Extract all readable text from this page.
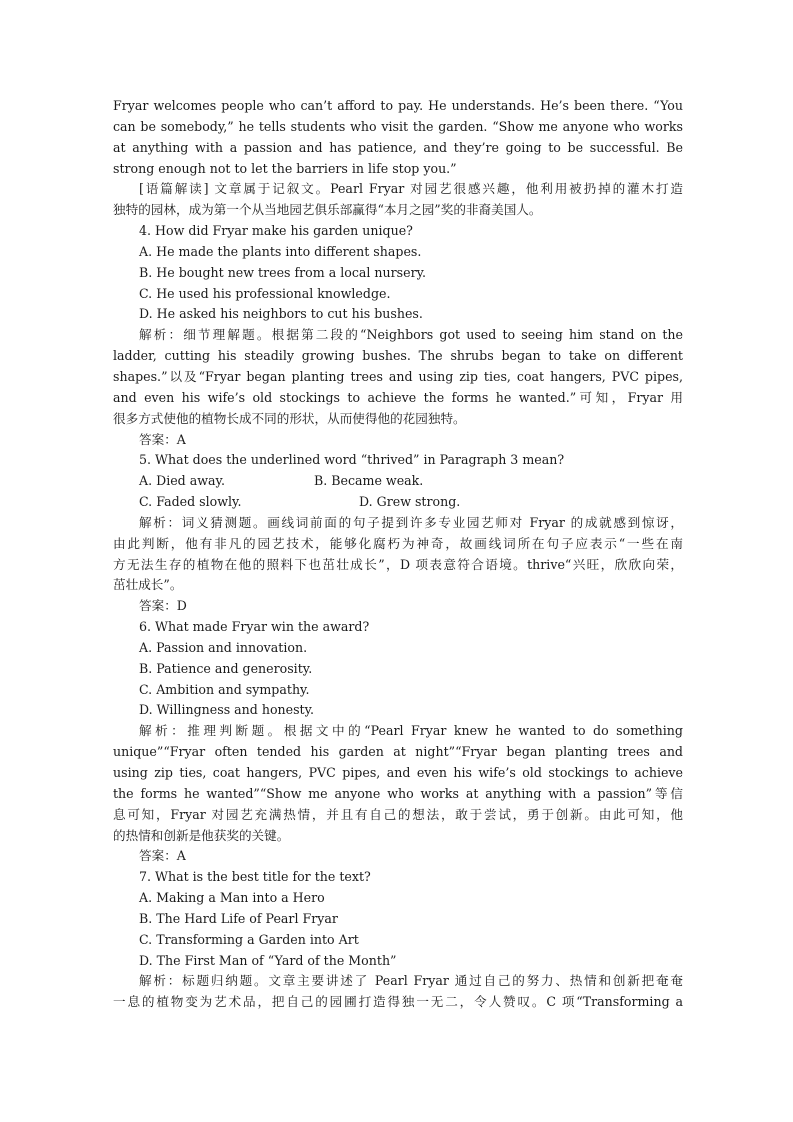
Fryar welcomes people who can’t afford to pay. He understands. He’s been there. “You
can be somebody,” he tells students who visit the garden. “Show me anyone who works
at anything with a passion and has patience, and they’re going to be successful. Be
strong enough not to let the barriers in life stop you.”
[语篇解读] 文章属于记叙文。Pearl Fryar 对园艺很感兴趣，他利用被扔掉的灌木打造
独特的园林，成为第一个从当地园艺俱乐部赢得“本月之园”奖的非裔美国人。
4. How did Fryar make his garden unique?
A. He made the plants into different shapes.
B. He bought new trees from a local nursery.
C. He used his professional knowledge.
D. He asked his neighbors to cut his bushes.
解析：细节理解题。根据第二段的“Neighbors got used to seeing him stand on the
ladder, cutting his steadily growing bushes. The shrubs began to take on different
shapes.”以及“Fryar began planting trees and using zip ties, coat hangers, PVC pipes,
and even his wife’s old stockings to achieve the forms he wanted.”可知，Fryar 用
很多方式使他的植物长成不同的形状，从而使得他的花园独特。
答案：A
5. What does the underlined word “thrived” in Paragraph 3 mean?
A. Died away.	B. Became weak.
C. Faded slowly.	D. Grew strong.
解析：词义猜测题。画线词前面的句子提到许多专业园艺师对 Fryar 的成就感到惊讶，
由此判断，他有非凡的园艺技术，能够化腐朽为神奇，故画线词所在句子应表示“一些在南
方无法生存的植物在他的照料下也茁壮成长”，D 项表意符合语境。thrive“兴旺，欣欣向荣，
茁壮成长”。
答案：D
6. What made Fryar win the award?
A. Passion and innovation.
B. Patience and generosity.
C. Ambition and sympathy.
D. Willingness and honesty.
解析：推理判断题。根据文中的“Pearl Fryar knew he wanted to do something
unique”“Fryar often tended his garden at night”“Fryar began planting trees and
using zip ties, coat hangers, PVC pipes, and even his wife’s old stockings to achieve
the forms he wanted”“Show me anyone who works at anything with a passion”等信
息可知，Fryar 对园艺充满热情，并且有自己的想法，敢于尝试，勇于创新。由此可知，他
的热情和创新是他获奖的关键。
答案：A
7. What is the best title for the text?
A. Making a Man into a Hero
B. The Hard Life of Pearl Fryar
C. Transforming a Garden into Art
D. The First Man of “Yard of the Month”
解析：标题归纳题。文章主要讲述了 Pearl Fryar 通过自己的努力、热情和创新把奄奄
一息的植物变为艺术品，把自己的园圃打造得独一无二，令人赞叹。C 项“Transforming a
